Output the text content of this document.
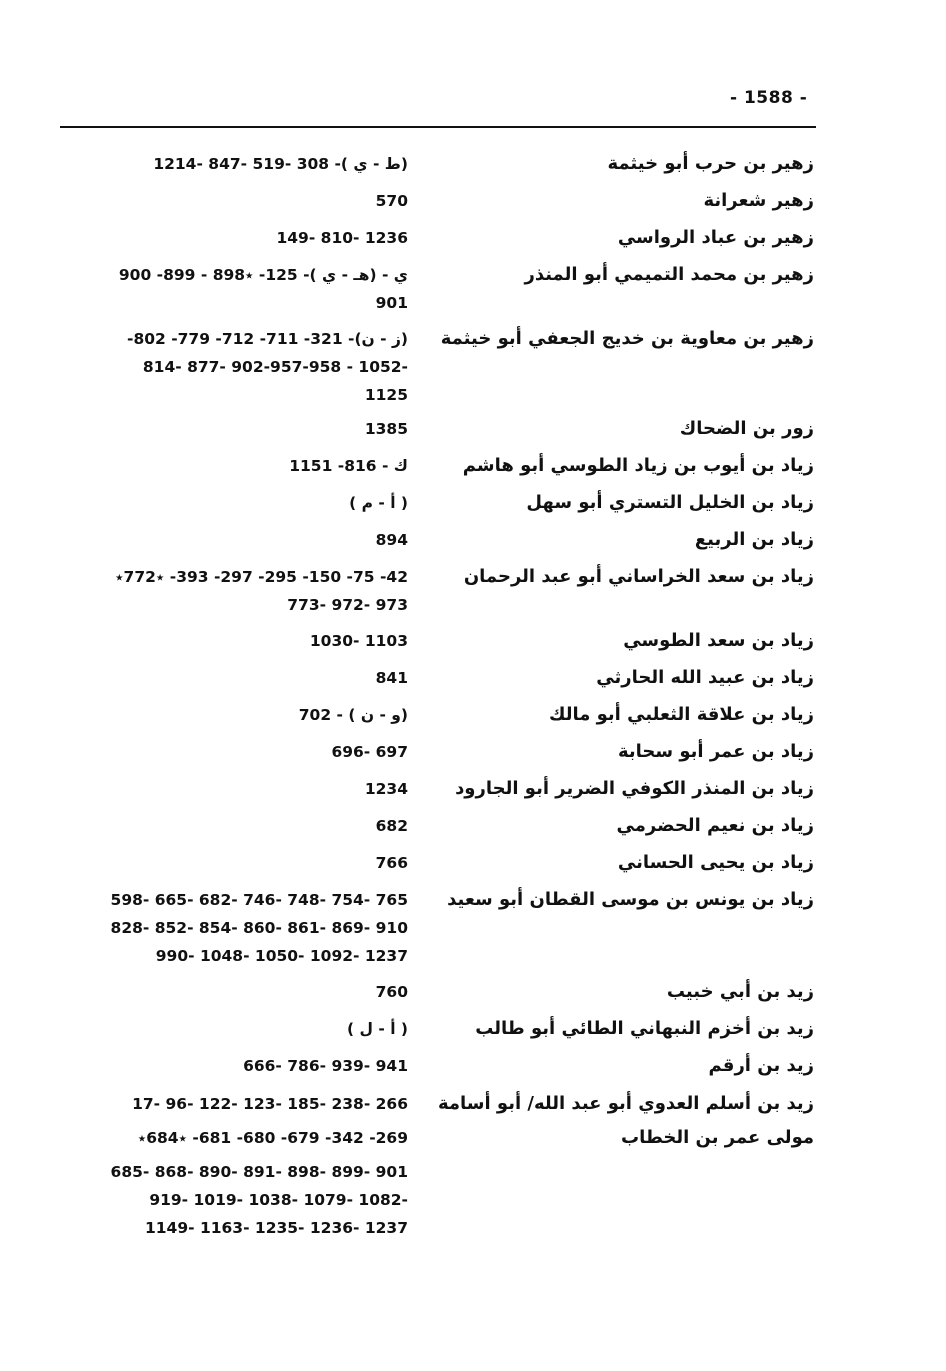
- 1588 -
زهير بن حرب أبو خيثمة
(ط - ي )- 308 -519 -847 -1214
زهير شعرانة
570
زهير بن عباد الرواسي
149- 810- 1236
زهير بن محمد التميمي أبو المنذر
ي - (هـ - ي )- 125- ٭898 - 899- 900
901
زهير بن معاوية بن خديج الجعفي أبو خيثمة
(ز - ن)- 321- 711- 712- 779- 802-
814- 877- 902-957-958 - 1052-
1125
زور بن الضحاك
1385
زياد بن أيوب بن زياد الطوسي أبو هاشم
ك - 816- 1151
زياد بن الخليل التستري أبو سهل
( أ - م )
زياد بن الربيع
894
زياد بن سعد الخراساني أبو عبد الرحمان
42- 75- 150- 295- 297- 393- ٭772٭
773- 972- 973
زياد بن سعد الطوسي
1030- 1103
زياد بن عبيد الله الحارثي
841
زياد بن علاقة الثعلبي أبو مالك
(و - ن ) - 702
زياد بن عمر أبو سحابة
696- 697
زياد بن المنذر الكوفي الضرير أبو الجارود
1234
زياد بن نعيم الحضرمي
682
زياد بن يحيى الحساني
766
زياد بن يونس بن موسى القطان أبو سعيد
598- 665- 682- 746- 748- 754- 765
828- 852- 854- 860- 861- 869- 910
990- 1048- 1050- 1092- 1237
زيد بن أبي خبيب
760
زيد بن أخزم النبهاني الطائي أبو طالب
( أ - ل )
زيد بن أرقم
666- 786- 939- 941
زيد بن أسلم العدوي أبو عبد الله/ أبو أسامة
مولى عمر بن الخطاب
17- 96- 122- 123- 185- 238- 266
269- 342- 679- 680- 681- ٭684٭
685- 868- 890- 891- 898- 899- 901
919- 1019- 1038- 1079- 1082-
1149- 1163- 1235- 1236- 1237
